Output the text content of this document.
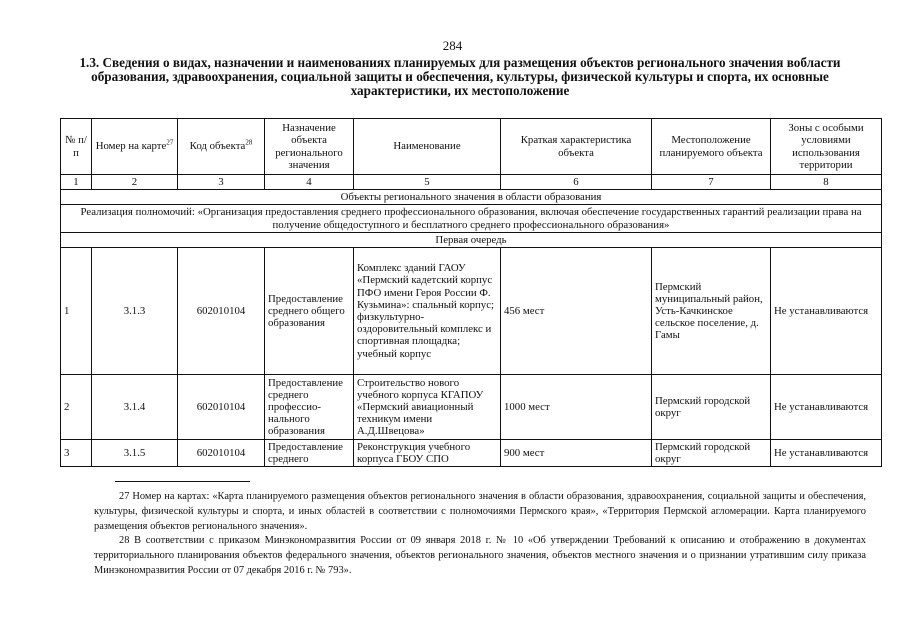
284
1.3. Сведения о видах, назначении и наименованиях планируемых для размещения объектов регионального значения вобласти образования, здравоохранения, социальной защиты и обеспечения, культуры, физической культуры и спорта, их основные характеристики, их местоположение
№ п/п	Номер на карте$^{27}$	Код объекта$^{28}$	Назначение объекта регионального значения	Наименование	Краткая характеристика объекта	Местоположение планируемого объекта	Зоны с особыми условиями использования территории
1	2	3	4	5	6	7	8
Объекты регионального значения в области образования							
Реализация полномочий: «Организация предоставления среднего профессионального образования, включая обеспечение государственных гарантий реализации права на получение общедоступного и бесплатного среднего профессионального образования»							
Первая очередь							
1	3.1.3	602010104	Предоставление среднего общего образования	Комплекс зданий ГАОУ «Пермский кадетский корпус ПФО имени Героя России Ф. Кузьмина»: спальный корпус; физкультурно-оздоровительный комплекс и спортивная площадка; учебный корпус	456 мест	Пермский муниципальный район, Усть-Качкинское сельское поселение, д. Гамы	Не устанавливаются
2	3.1.4	602010104	Предоставление среднего профессио-нального образования	Строительство нового учебного корпуса КГАПОУ «Пермский авиационный техникум имени А.Д.Швецова»	1000 мест	Пермский городской округ	Не устанавливаются
3	3.1.5	602010104	Предоставление среднего	Реконструкция учебного корпуса ГБОУ СПО	900 мест	Пермский городской округ	Не устанавливаются
27 Номер на картах: «Карта планируемого размещения объектов регионального значения в области образования, здравоохранения, социальной защиты и обеспечения, культуры, физической культуры и спорта, и иных областей в соответствии с полномочиями Пермского края», «Территория Пермской агломерации. Карта планируемого размещения объектов регионального значения».
28 В соответствии с приказом Минэкономразвития России от 09 января 2018 г. № 10 «Об утверждении Требований к описанию и отображению в документах территориального планирования объектов федерального значения, объектов регионального значения, объектов местного значения и о признании утратившим силу приказа Минэкономразвития России от 07 декабря 2016 г. № 793».
